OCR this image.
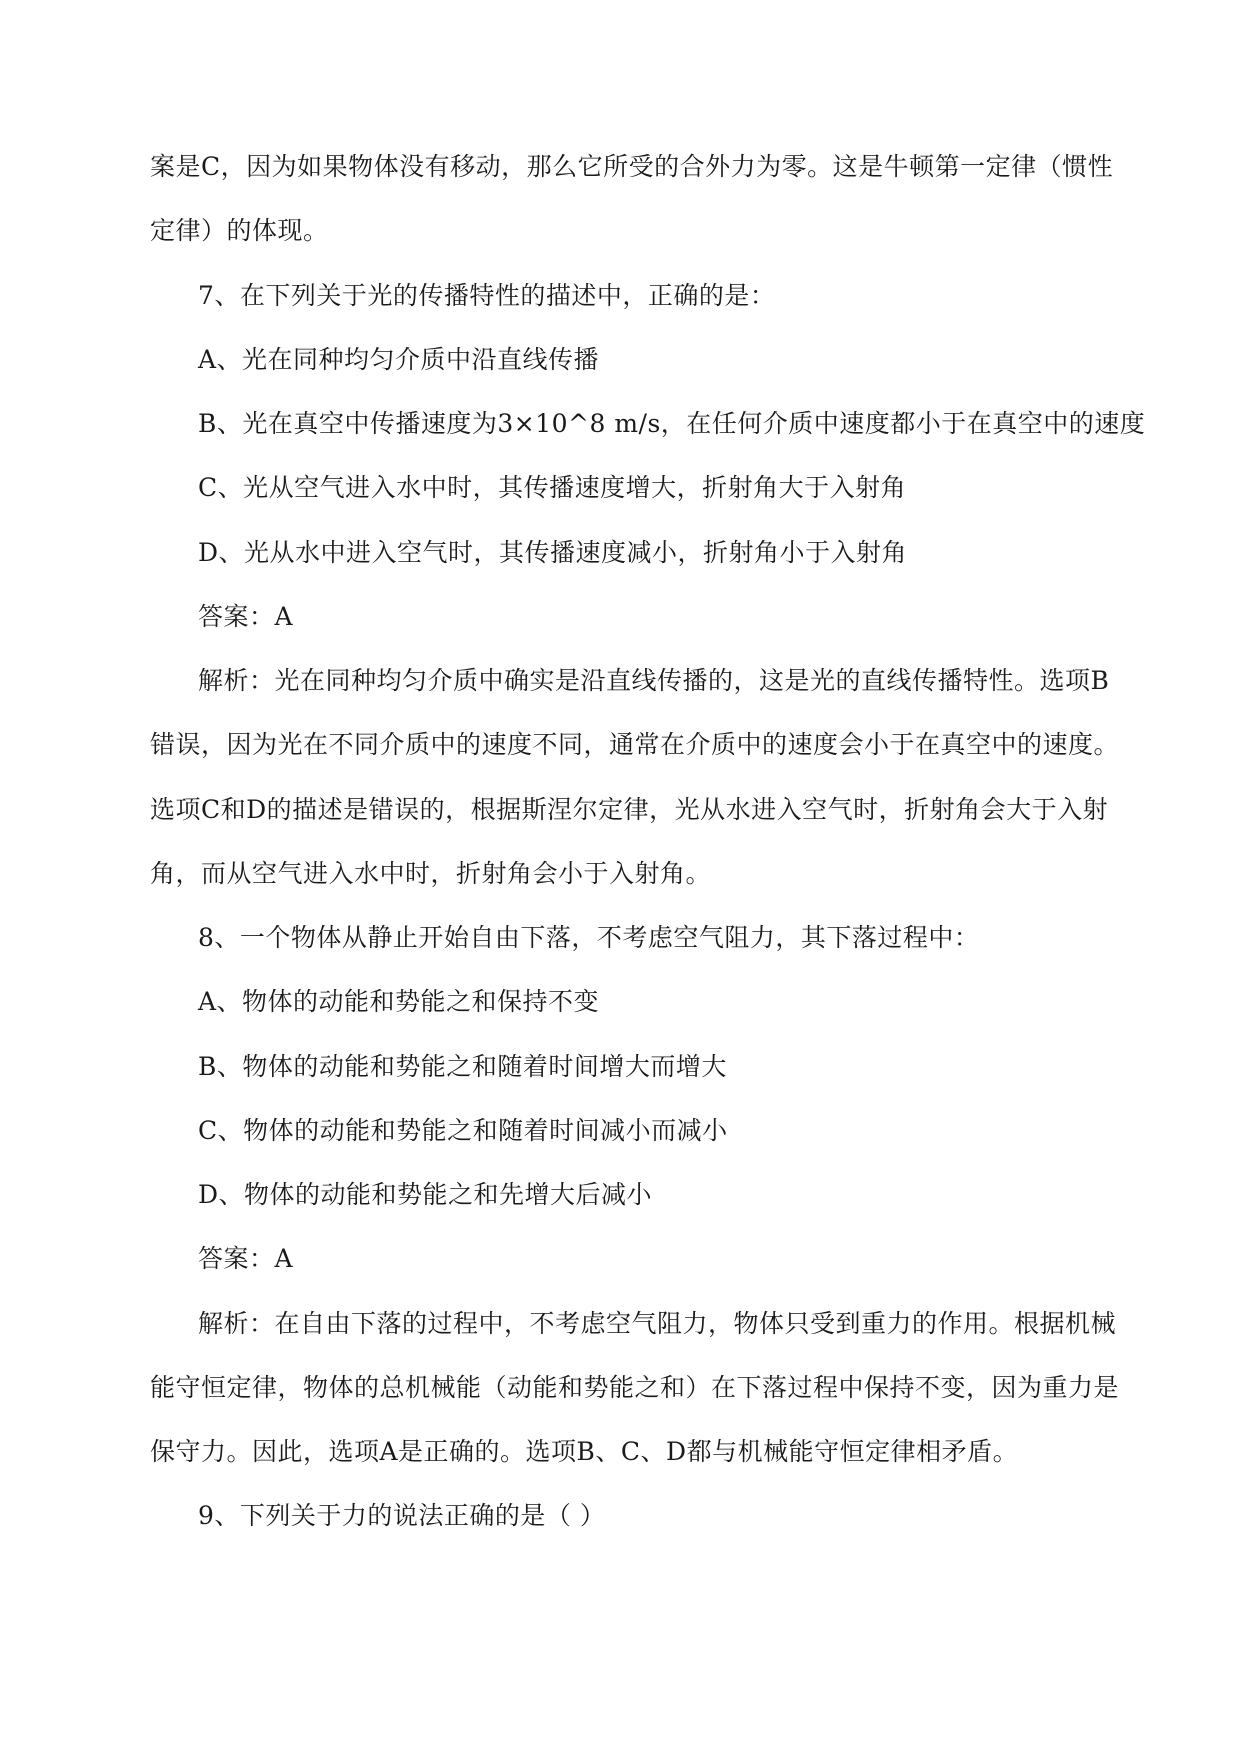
案是C，因为如果物体没有移动，那么它所受的合外力为零。这是牛顿第一定律（惯性
定律）的体现。
7、在下列关于光的传播特性的描述中，正确的是：
A、光在同种均匀介质中沿直线传播
B、光在真空中传播速度为3×10^8 m/s，在任何介质中速度都小于在真空中的速度
C、光从空气进入水中时，其传播速度增大，折射角大于入射角
D、光从水中进入空气时，其传播速度减小，折射角小于入射角
答案：A
解析：光在同种均匀介质中确实是沿直线传播的，这是光的直线传播特性。选项B
错误，因为光在不同介质中的速度不同，通常在介质中的速度会小于在真空中的速度。
选项C和D的描述是错误的，根据斯涅尔定律，光从水进入空气时，折射角会大于入射
角，而从空气进入水中时，折射角会小于入射角。
8、一个物体从静止开始自由下落，不考虑空气阻力，其下落过程中：
A、物体的动能和势能之和保持不变
B、物体的动能和势能之和随着时间增大而增大
C、物体的动能和势能之和随着时间减小而减小
D、物体的动能和势能之和先增大后减小
答案：A
解析：在自由下落的过程中，不考虑空气阻力，物体只受到重力的作用。根据机械
能守恒定律，物体的总机械能（动能和势能之和）在下落过程中保持不变，因为重力是
保守力。因此，选项A是正确的。选项B、C、D都与机械能守恒定律相矛盾。
9、下列关于力的说法正确的是（ ）
